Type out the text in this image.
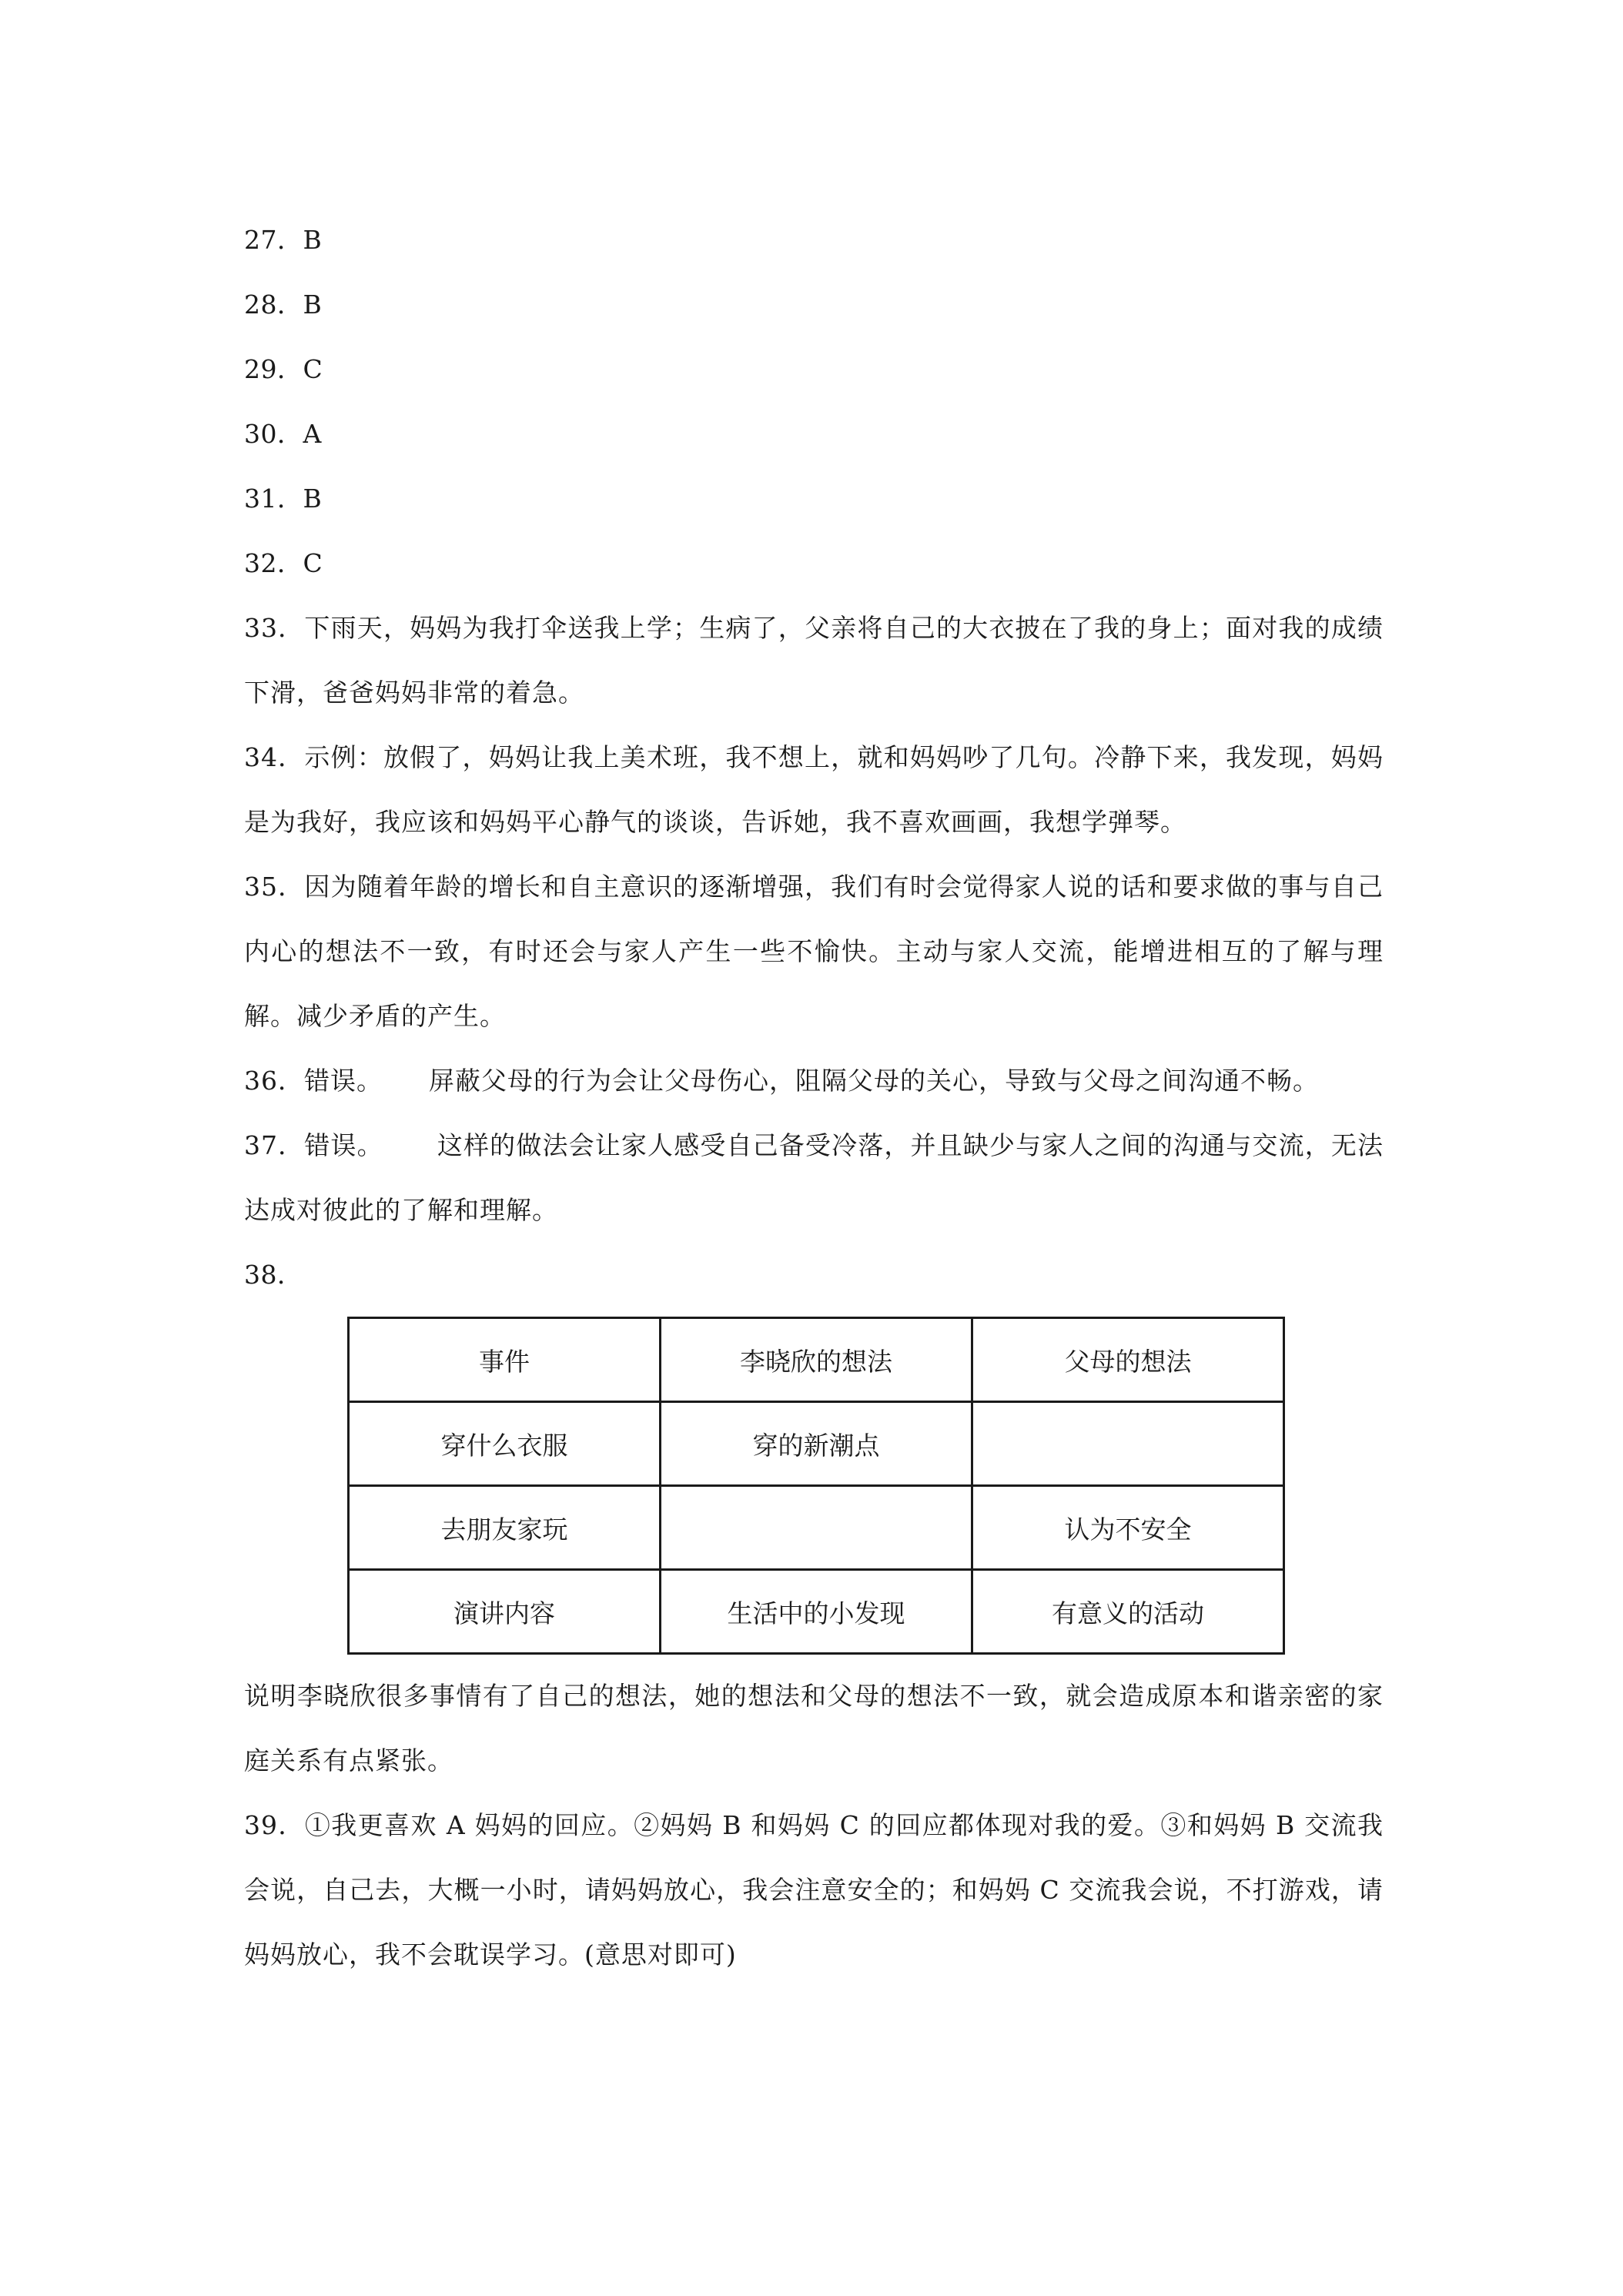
27．B
28．B
29．C
30．A
31．B
32．C

33．下雨天，妈妈为我打伞送我上学；生病了，父亲将自己的大衣披在了我的身上；面对我的成绩下滑，爸爸妈妈非常的着急。

34．示例：放假了，妈妈让我上美术班，我不想上，就和妈妈吵了几句。冷静下来，我发现，妈妈是为我好，我应该和妈妈平心静气的谈谈，告诉她，我不喜欢画画，我想学弹琴。

35．因为随着年龄的增长和自主意识的逐渐增强，我们有时会觉得家人说的话和要求做的事与自己内心的想法不一致，有时还会与家人产生一些不愉快。主动与家人交流，能增进相互的了解与理解。减少矛盾的产生。

36．错误。 屏蔽父母的行为会让父母伤心，阻隔父母的关心，导致与父母之间沟通不畅。

37．错误。 这样的做法会让家人感受自己备受冷落，并且缺少与家人之间的沟通与交流，无法达成对彼此的了解和理解。

38．
事件	李晓欣的想法	父母的想法
穿什么衣服	穿的新潮点	
去朋友家玩		认为不安全
演讲内容	生活中的小发现	有意义的活动

说明李晓欣很多事情有了自己的想法，她的想法和父母的想法不一致，就会造成原本和谐亲密的家庭关系有点紧张。

39．①我更喜欢 A 妈妈的回应。②妈妈 B 和妈妈 C 的回应都体现对我的爱。③和妈妈 B 交流我会说，自己去，大概一小时，请妈妈放心，我会注意安全的；和妈妈 C 交流我会说，不打游戏，请妈妈放心，我不会耽误学习。(意思对即可)
